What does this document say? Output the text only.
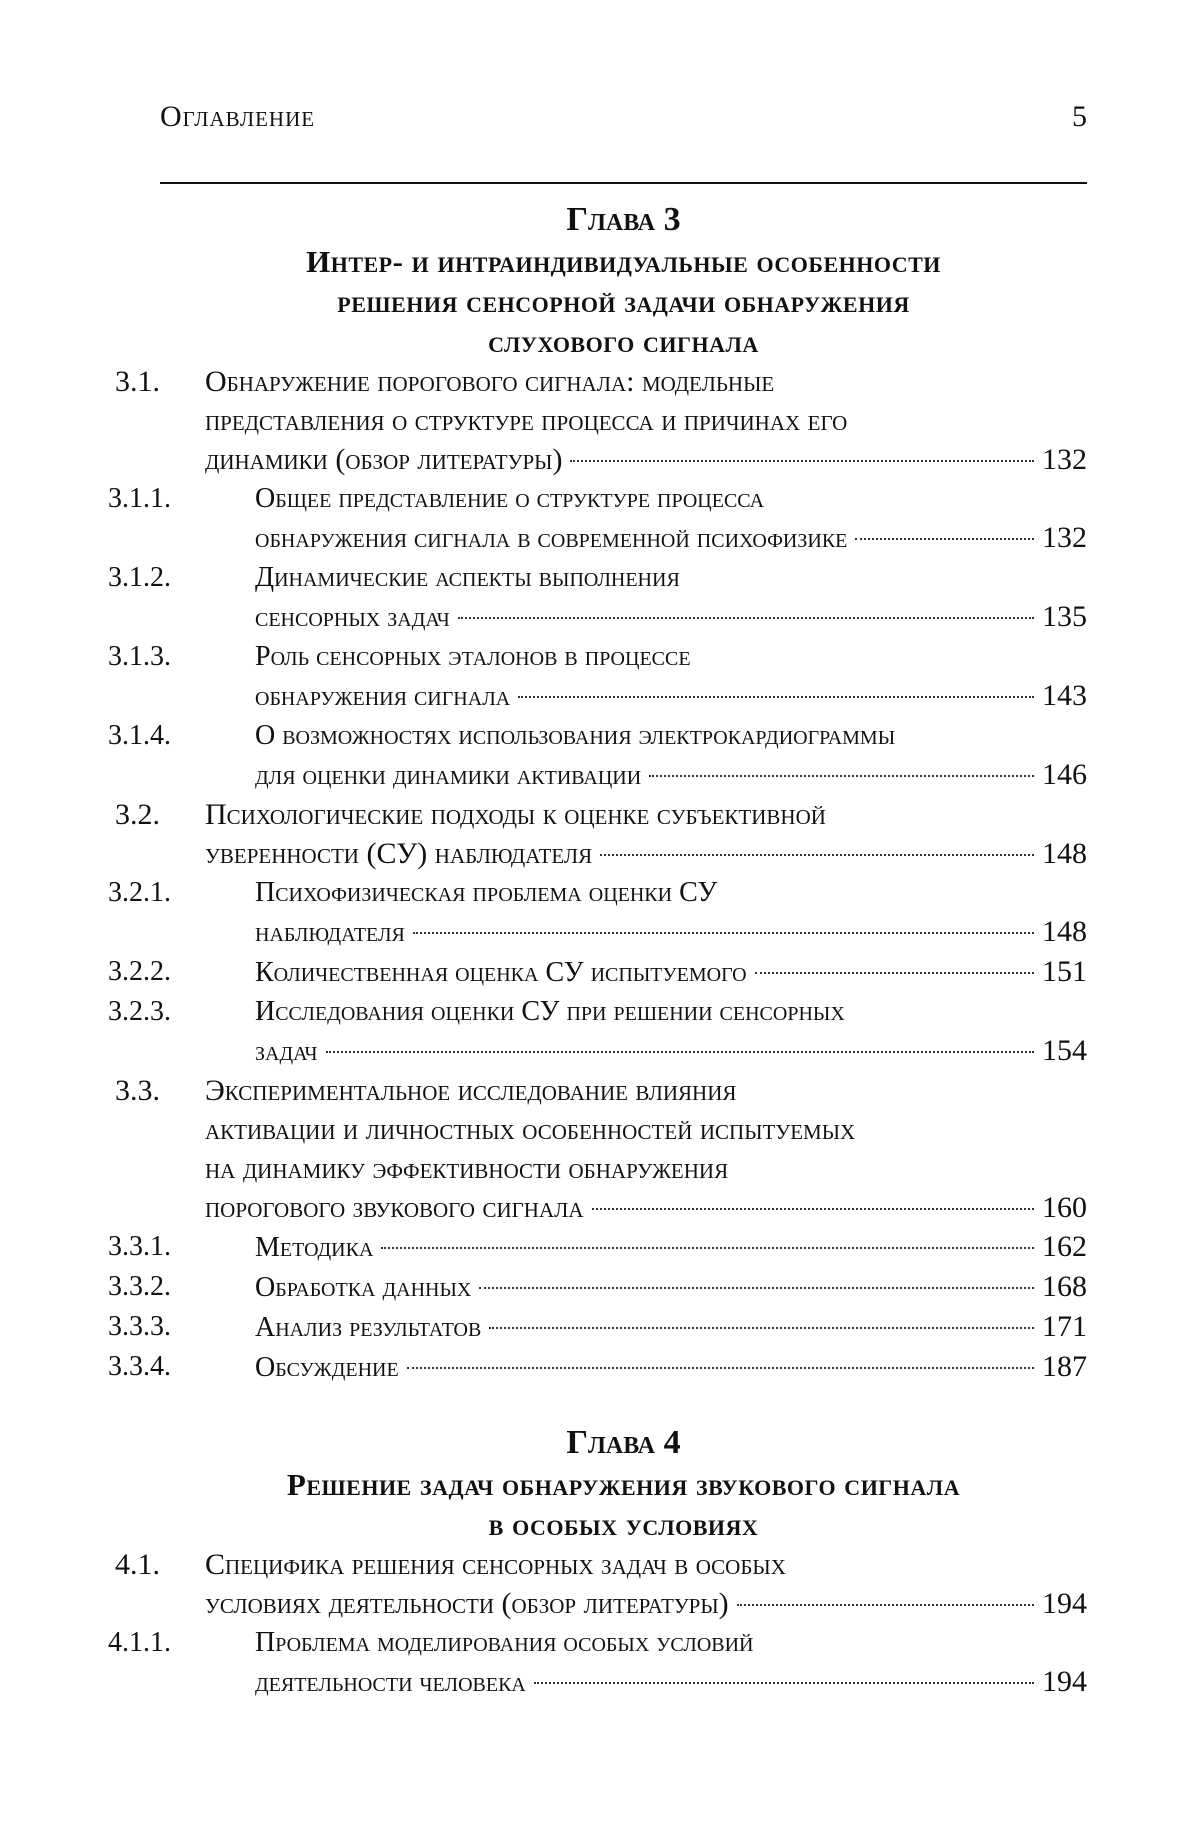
Оглавление	5
Глава 3
Интер- и интраиндивидуальные особенности
решения сенсорной задачи обнаружения
слухового сигнала
3.1. Обнаружение порогового сигнала: модельные
представления о структуре процесса и причинах его
динамики (обзор литературы)	132
3.1.1.	Общее представление о структуре процесса
обнаружения сигнала в современной психофизике	132
3.1.2.	Динамические аспекты выполнения
сенсорных задач	135
3.1.3.	Роль сенсорных эталонов в процессе
обнаружения сигнала	143
3.1.4.	О возможностях использования электрокардиограммы
для оценки динамики активации	146
3.2. Психологические подходы к оценке субъективной
уверенности (СУ) наблюдателя	148
3.2.1.	Психофизическая проблема оценки СУ
наблюдателя	148
3.2.2.	Количественная оценка СУ испытуемого	151
3.2.3.	Исследования оценки СУ при решении сенсорных
задач	154
3.3. Экспериментальное исследование влияния
активации и личностных особенностей испытуемых
на динамику эффективности обнаружения
порогового звукового сигнала	160
3.3.1.	Методика	162
3.3.2.	Обработка данных	168
3.3.3.	Анализ результатов	171
3.3.4.	Обсуждение	187
Глава 4
Решение задач обнаружения звукового сигнала
в особых условиях
4.1. Специфика решения сенсорных задач в особых
условиях деятельности (обзор литературы)	194
4.1.1.	Проблема моделирования особых условий
деятельности человека	194
